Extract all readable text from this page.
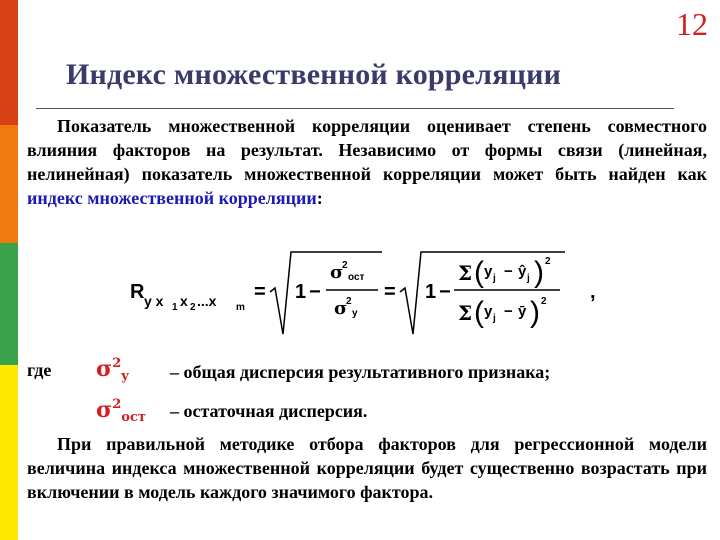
12
Индекс множественной корреляции
Показатель множественной корреляции оценивает степень совместного влияния факторов на результат. Независимо от формы связи (линейная, нелинейная) показатель множественной корреляции может быть найден как индекс множественной корреляции:
R y x 1 x 2 ...x m
= 1 −
σ
2
ост
σ
2
y
= 1 −
Σ ( y j − ŷ j ) 2
Σ ( y j − ȳ ) 2 ,
где $\sigma^2_y$ – общая дисперсия результативного признака;
$\sigma^2_{ост}$ – остаточная дисперсия.
При правильной методике отбора факторов для регрессионной модели величина индекса множественной корреляции будет существенно возрастать при включении в модель каждого значимого фактора.
